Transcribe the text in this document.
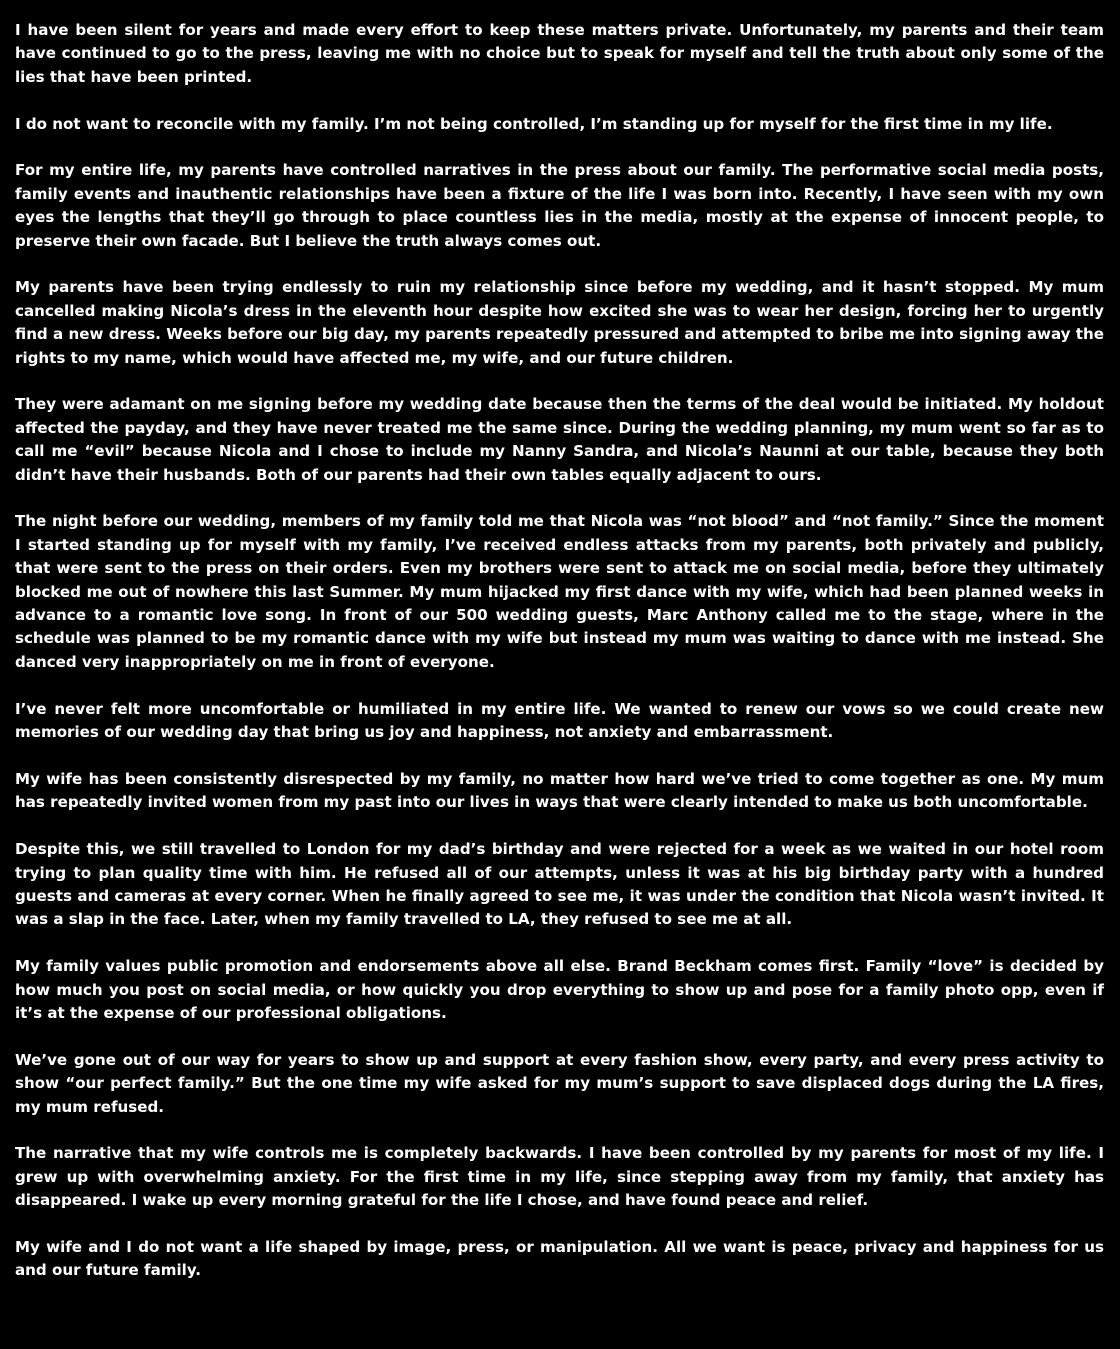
I have been silent for years and made every effort to keep these matters private. Unfortunately, my parents and their team have continued to go to the press, leaving me with no choice but to speak for myself and tell the truth about only some of the lies that have been printed.

I do not want to reconcile with my family. I’m not being controlled, I’m standing up for myself for the first time in my life.

For my entire life, my parents have controlled narratives in the press about our family. The performative social media posts, family events and inauthentic relationships have been a fixture of the life I was born into. Recently, I have seen with my own eyes the lengths that they’ll go through to place countless lies in the media, mostly at the expense of innocent people, to preserve their own facade. But I believe the truth always comes out.

My parents have been trying endlessly to ruin my relationship since before my wedding, and it hasn’t stopped. My mum cancelled making Nicola’s dress in the eleventh hour despite how excited she was to wear her design, forcing her to urgently find a new dress. Weeks before our big day, my parents repeatedly pressured and attempted to bribe me into signing away the rights to my name, which would have affected me, my wife, and our future children.

They were adamant on me signing before my wedding date because then the terms of the deal would be initiated. My holdout affected the payday, and they have never treated me the same since. During the wedding planning, my mum went so far as to call me “evil” because Nicola and I chose to include my Nanny Sandra, and Nicola’s Naunni at our table, because they both didn’t have their husbands. Both of our parents had their own tables equally adjacent to ours.

The night before our wedding, members of my family told me that Nicola was “not blood” and “not family.” Since the moment I started standing up for myself with my family, I’ve received endless attacks from my parents, both privately and publicly, that were sent to the press on their orders. Even my brothers were sent to attack me on social media, before they ultimately blocked me out of nowhere this last Summer. My mum hijacked my first dance with my wife, which had been planned weeks in advance to a romantic love song. In front of our 500 wedding guests, Marc Anthony called me to the stage, where in the schedule was planned to be my romantic dance with my wife but instead my mum was waiting to dance with me instead. She danced very inappropriately on me in front of everyone.

I’ve never felt more uncomfortable or humiliated in my entire life. We wanted to renew our vows so we could create new memories of our wedding day that bring us joy and happiness, not anxiety and embarrassment.

My wife has been consistently disrespected by my family, no matter how hard we’ve tried to come together as one. My mum has repeatedly invited women from my past into our lives in ways that were clearly intended to make us both uncomfortable.

Despite this, we still travelled to London for my dad’s birthday and were rejected for a week as we waited in our hotel room trying to plan quality time with him. He refused all of our attempts, unless it was at his big birthday party with a hundred guests and cameras at every corner. When he finally agreed to see me, it was under the condition that Nicola wasn’t invited. It was a slap in the face. Later, when my family travelled to LA, they refused to see me at all.

My family values public promotion and endorsements above all else. Brand Beckham comes first. Family “love” is decided by how much you post on social media, or how quickly you drop everything to show up and pose for a family photo opp, even if it’s at the expense of our professional obligations.

We’ve gone out of our way for years to show up and support at every fashion show, every party, and every press activity to show “our perfect family.” But the one time my wife asked for my mum’s support to save displaced dogs during the LA fires, my mum refused.

The narrative that my wife controls me is completely backwards. I have been controlled by my parents for most of my life. I grew up with overwhelming anxiety. For the first time in my life, since stepping away from my family, that anxiety has disappeared. I wake up every morning grateful for the life I chose, and have found peace and relief.

My wife and I do not want a life shaped by image, press, or manipulation. All we want is peace, privacy and happiness for us and our future family.
